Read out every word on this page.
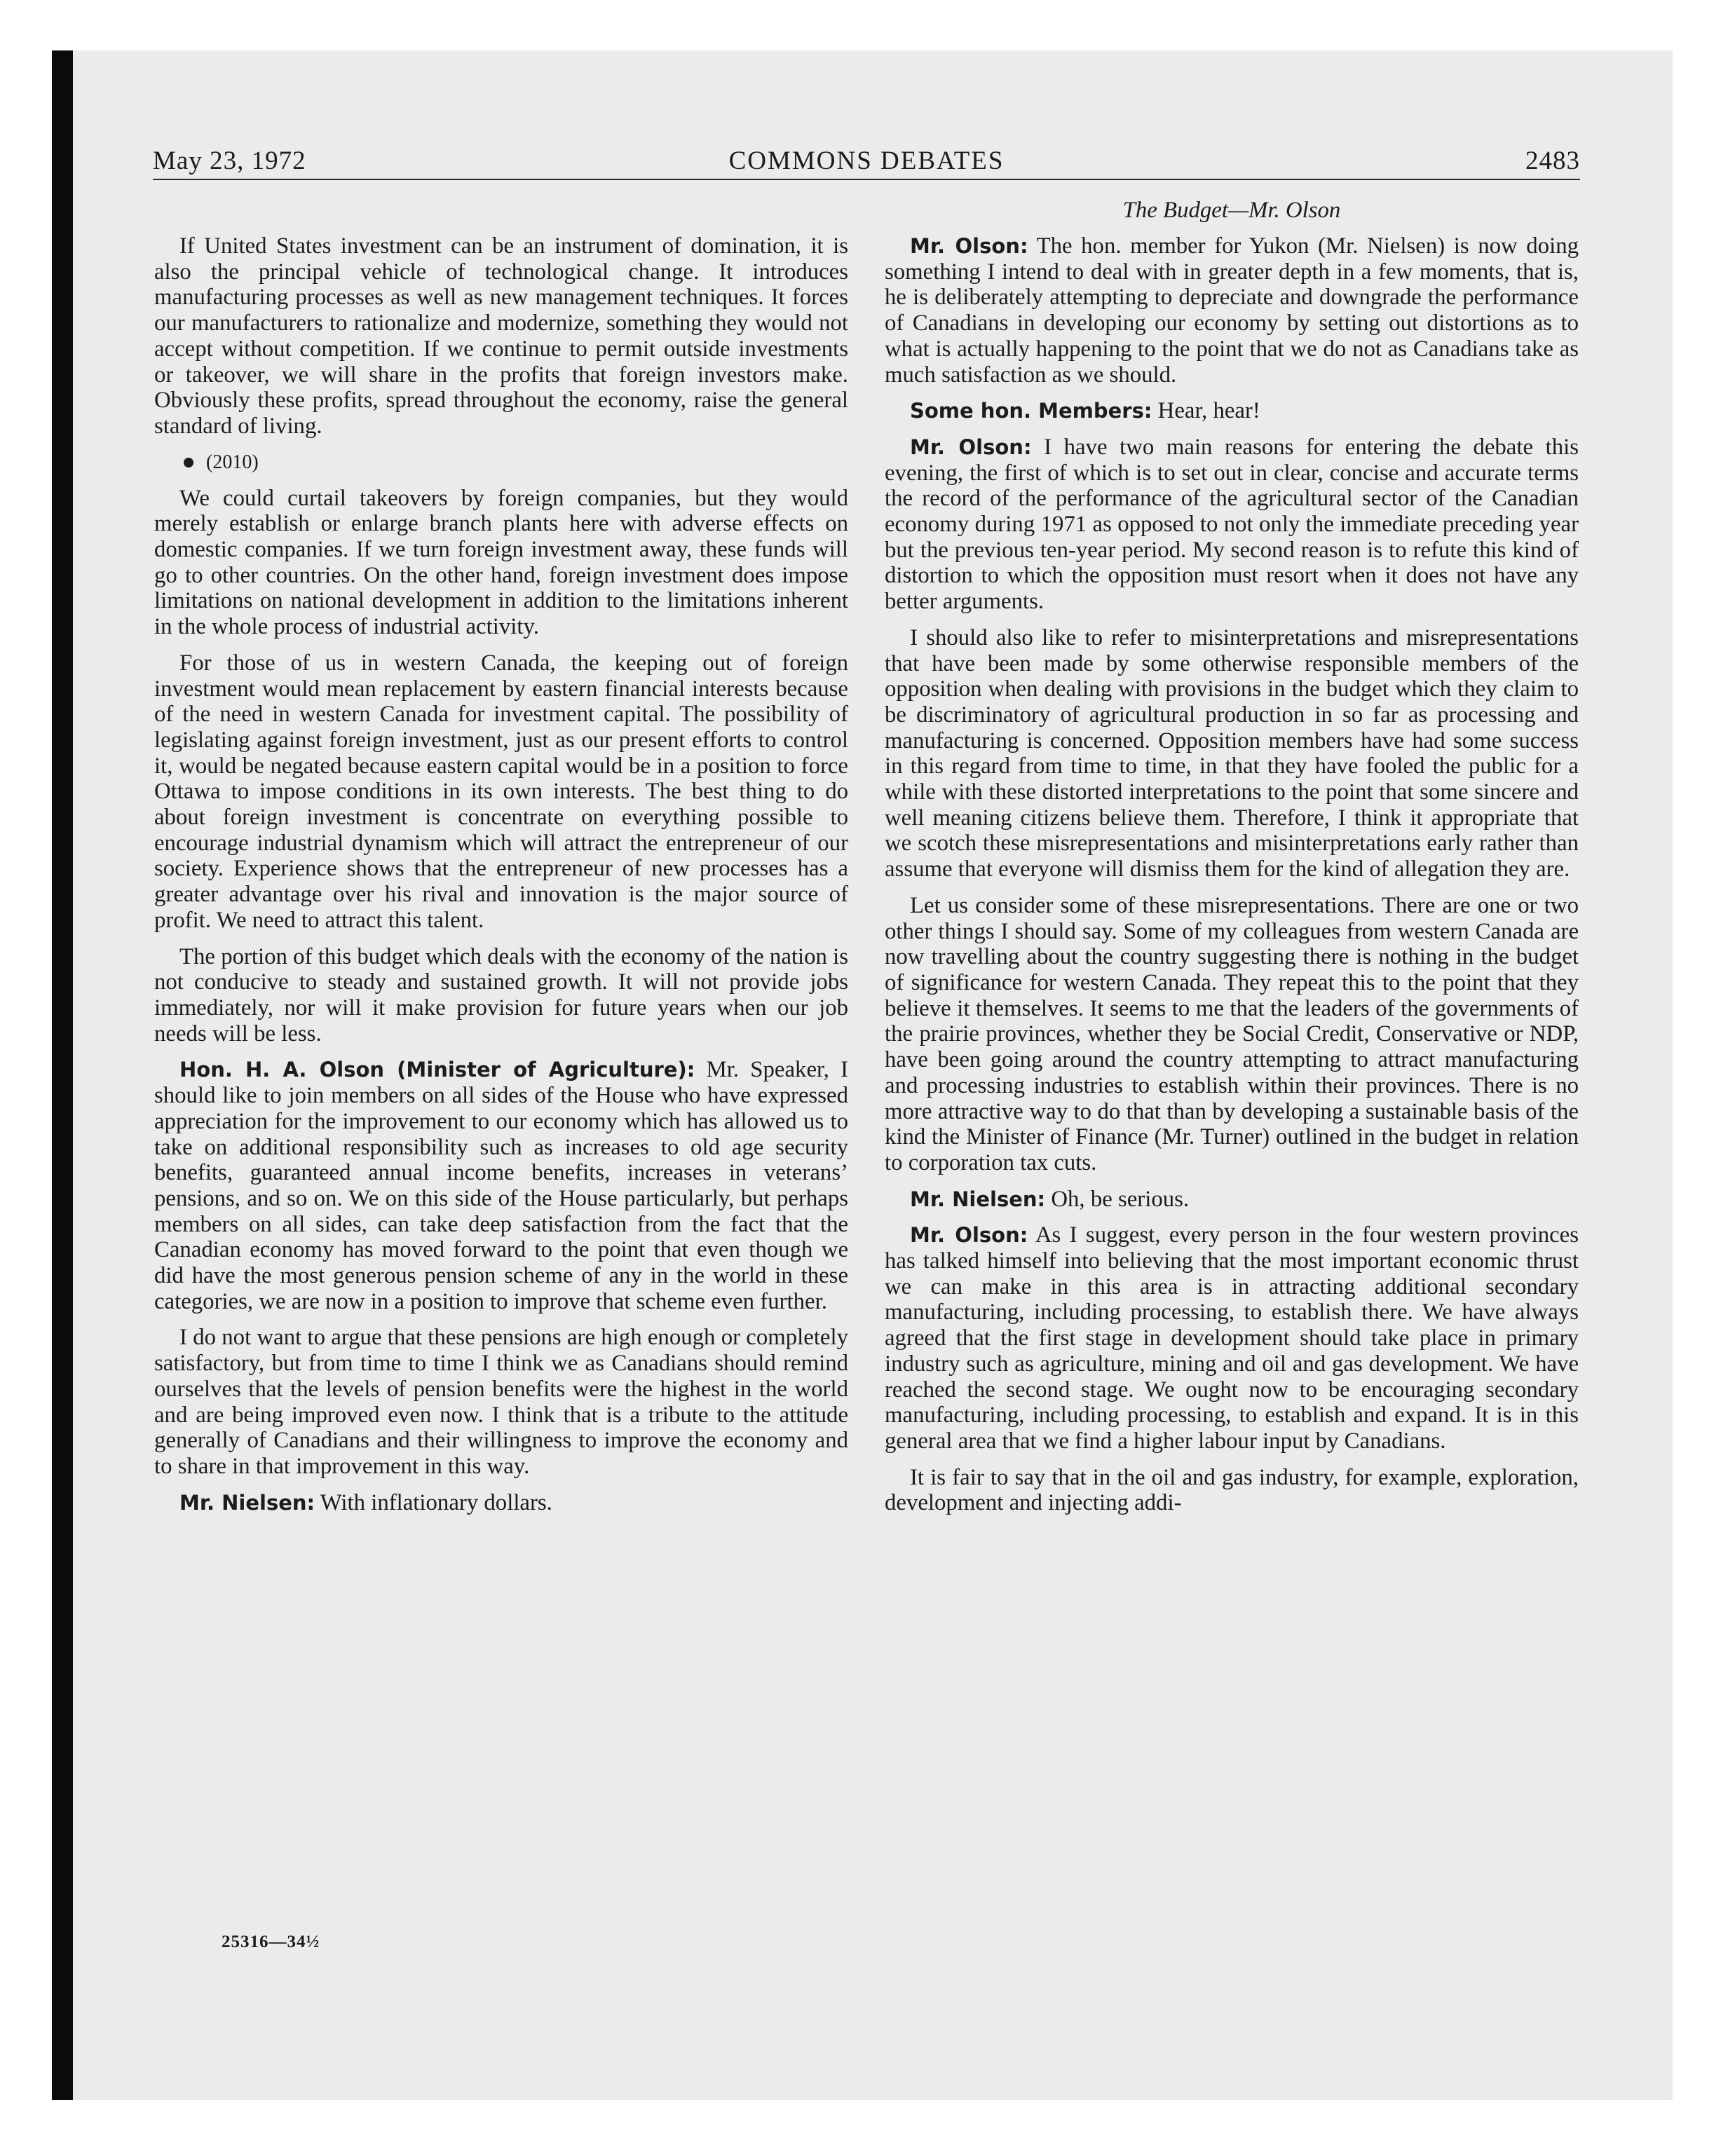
May 23, 1972	COMMONS DEBATES	2483

If United States investment can be an instrument of domination, it is also the principal vehicle of technological change. It introduces manufacturing processes as well as new management techniques. It forces our manufacturers to rationalize and modernize, something they would not accept without competition. If we continue to permit outside investments or takeover, we will share in the profits that foreign investors make. Obviously these profits, spread throughout the economy, raise the general standard of living.

(2010)

We could curtail takeovers by foreign companies, but they would merely establish or enlarge branch plants here with adverse effects on domestic companies. If we turn foreign investment away, these funds will go to other countries. On the other hand, foreign investment does impose limitations on national development in addition to the limitations inherent in the whole process of industrial activity.

For those of us in western Canada, the keeping out of foreign investment would mean replacement by eastern financial interests because of the need in western Canada for investment capital. The possibility of legislating against foreign investment, just as our present efforts to control it, would be negated because eastern capital would be in a position to force Ottawa to impose conditions in its own interests. The best thing to do about foreign investment is concentrate on everything possible to encourage industrial dynamism which will attract the entrepreneur of our society. Experience shows that the entrepreneur of new processes has a greater advantage over his rival and innovation is the major source of profit. We need to attract this talent.

The portion of this budget which deals with the economy of the nation is not conducive to steady and sustained growth. It will not provide jobs immediately, nor will it make provision for future years when our job needs will be less.

Hon. H. A. Olson (Minister of Agriculture): Mr. Speaker, I should like to join members on all sides of the House who have expressed appreciation for the improvement to our economy which has allowed us to take on additional responsibility such as increases to old age security benefits, guaranteed annual income benefits, increases in veterans’ pensions, and so on. We on this side of the House particularly, but perhaps members on all sides, can take deep satisfaction from the fact that the Canadian economy has moved forward to the point that even though we did have the most generous pension scheme of any in the world in these categories, we are now in a position to improve that scheme even further.

I do not want to argue that these pensions are high enough or completely satisfactory, but from time to time I think we as Canadians should remind ourselves that the levels of pension benefits were the highest in the world and are being improved even now. I think that is a tribute to the attitude generally of Canadians and their willingness to improve the economy and to share in that improvement in this way.

Mr. Nielsen: With inflationary dollars.

The Budget—Mr. Olson

Mr. Olson: The hon. member for Yukon (Mr. Nielsen) is now doing something I intend to deal with in greater depth in a few moments, that is, he is deliberately attempting to depreciate and downgrade the performance of Canadians in developing our economy by setting out distortions as to what is actually happening to the point that we do not as Canadians take as much satisfaction as we should.

Some hon. Members: Hear, hear!

Mr. Olson: I have two main reasons for entering the debate this evening, the first of which is to set out in clear, concise and accurate terms the record of the performance of the agricultural sector of the Canadian economy during 1971 as opposed to not only the immediate preceding year but the previous ten-year period. My second reason is to refute this kind of distortion to which the opposition must resort when it does not have any better arguments.

I should also like to refer to misinterpretations and misrepresentations that have been made by some otherwise responsible members of the opposition when dealing with provisions in the budget which they claim to be discriminatory of agricultural production in so far as processing and manufacturing is concerned. Opposition members have had some success in this regard from time to time, in that they have fooled the public for a while with these distorted interpretations to the point that some sincere and well meaning citizens believe them. Therefore, I think it appropriate that we scotch these misrepresentations and misinterpretations early rather than assume that everyone will dismiss them for the kind of allegation they are.

Let us consider some of these misrepresentations. There are one or two other things I should say. Some of my colleagues from western Canada are now travelling about the country suggesting there is nothing in the budget of significance for western Canada. They repeat this to the point that they believe it themselves. It seems to me that the leaders of the governments of the prairie provinces, whether they be Social Credit, Conservative or NDP, have been going around the country attempting to attract manufacturing and processing industries to establish within their provinces. There is no more attractive way to do that than by developing a sustainable basis of the kind the Minister of Finance (Mr. Turner) outlined in the budget in relation to corporation tax cuts.

Mr. Nielsen: Oh, be serious.

Mr. Olson: As I suggest, every person in the four western provinces has talked himself into believing that the most important economic thrust we can make in this area is in attracting additional secondary manufacturing, including processing, to establish there. We have always agreed that the first stage in development should take place in primary industry such as agriculture, mining and oil and gas development. We have reached the second stage. We ought now to be encouraging secondary manufacturing, including processing, to establish and expand. It is in this general area that we find a higher labour input by Canadians.

It is fair to say that in the oil and gas industry, for example, exploration, development and injecting addi-

25316—34½
